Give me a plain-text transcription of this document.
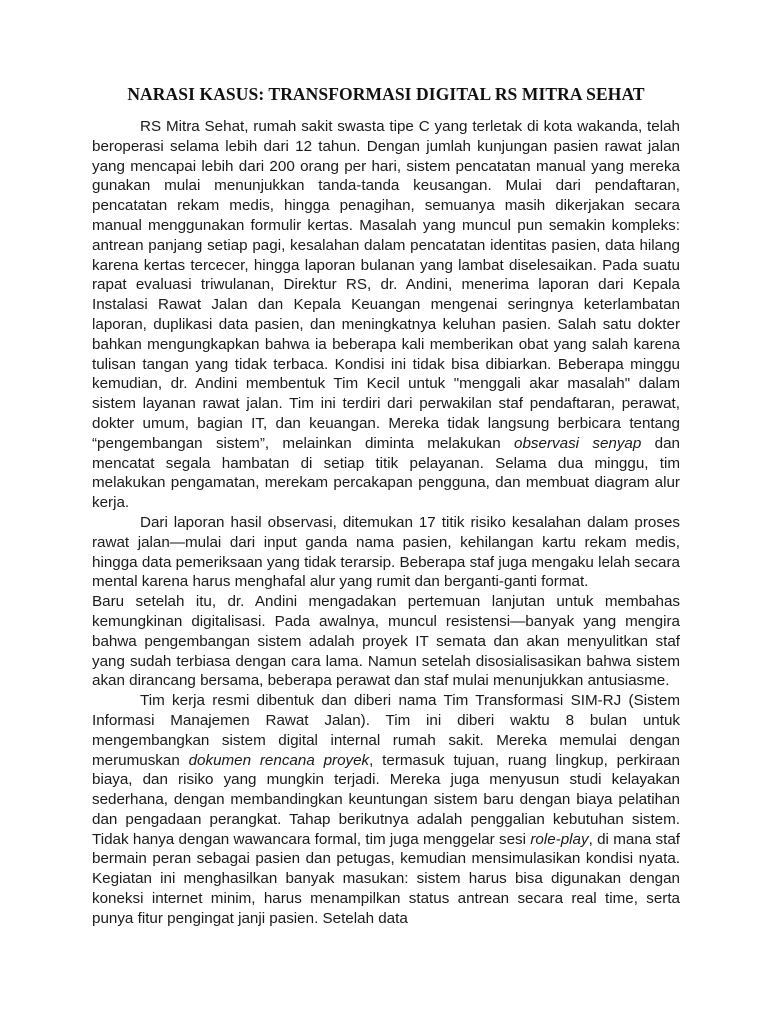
NARASI KASUS: TRANSFORMASI DIGITAL RS MITRA SEHAT

RS Mitra Sehat, rumah sakit swasta tipe C yang terletak di kota wakanda, telah beroperasi selama lebih dari 12 tahun. Dengan jumlah kunjungan pasien rawat jalan yang mencapai lebih dari 200 orang per hari, sistem pencatatan manual yang mereka gunakan mulai menunjukkan tanda-tanda keusangan. Mulai dari pendaftaran, pencatatan rekam medis, hingga penagihan, semuanya masih dikerjakan secara manual menggunakan formulir kertas. Masalah yang muncul pun semakin kompleks: antrean panjang setiap pagi, kesalahan dalam pencatatan identitas pasien, data hilang karena kertas tercecer, hingga laporan bulanan yang lambat diselesaikan. Pada suatu rapat evaluasi triwulanan, Direktur RS, dr. Andini, menerima laporan dari Kepala Instalasi Rawat Jalan dan Kepala Keuangan mengenai seringnya keterlambatan laporan, duplikasi data pasien, dan meningkatnya keluhan pasien. Salah satu dokter bahkan mengungkapkan bahwa ia beberapa kali memberikan obat yang salah karena tulisan tangan yang tidak terbaca. Kondisi ini tidak bisa dibiarkan. Beberapa minggu kemudian, dr. Andini membentuk Tim Kecil untuk "menggali akar masalah" dalam sistem layanan rawat jalan. Tim ini terdiri dari perwakilan staf pendaftaran, perawat, dokter umum, bagian IT, dan keuangan. Mereka tidak langsung berbicara tentang “pengembangan sistem”, melainkan diminta melakukan observasi senyap dan mencatat segala hambatan di setiap titik pelayanan. Selama dua minggu, tim melakukan pengamatan, merekam percakapan pengguna, dan membuat diagram alur kerja.

Dari laporan hasil observasi, ditemukan 17 titik risiko kesalahan dalam proses rawat jalan—mulai dari input ganda nama pasien, kehilangan kartu rekam medis, hingga data pemeriksaan yang tidak terarsip. Beberapa staf juga mengaku lelah secara mental karena harus menghafal alur yang rumit dan berganti-ganti format.

Baru setelah itu, dr. Andini mengadakan pertemuan lanjutan untuk membahas kemungkinan digitalisasi. Pada awalnya, muncul resistensi—banyak yang mengira bahwa pengembangan sistem adalah proyek IT semata dan akan menyulitkan staf yang sudah terbiasa dengan cara lama. Namun setelah disosialisasikan bahwa sistem akan dirancang bersama, beberapa perawat dan staf mulai menunjukkan antusiasme.

Tim kerja resmi dibentuk dan diberi nama Tim Transformasi SIM-RJ (Sistem Informasi Manajemen Rawat Jalan). Tim ini diberi waktu 8 bulan untuk mengembangkan sistem digital internal rumah sakit. Mereka memulai dengan merumuskan dokumen rencana proyek, termasuk tujuan, ruang lingkup, perkiraan biaya, dan risiko yang mungkin terjadi. Mereka juga menyusun studi kelayakan sederhana, dengan membandingkan keuntungan sistem baru dengan biaya pelatihan dan pengadaan perangkat. Tahap berikutnya adalah penggalian kebutuhan sistem. Tidak hanya dengan wawancara formal, tim juga menggelar sesi role-play, di mana staf bermain peran sebagai pasien dan petugas, kemudian mensimulasikan kondisi nyata. Kegiatan ini menghasilkan banyak masukan: sistem harus bisa digunakan dengan koneksi internet minim, harus menampilkan status antrean secara real time, serta punya fitur pengingat janji pasien. Setelah data
